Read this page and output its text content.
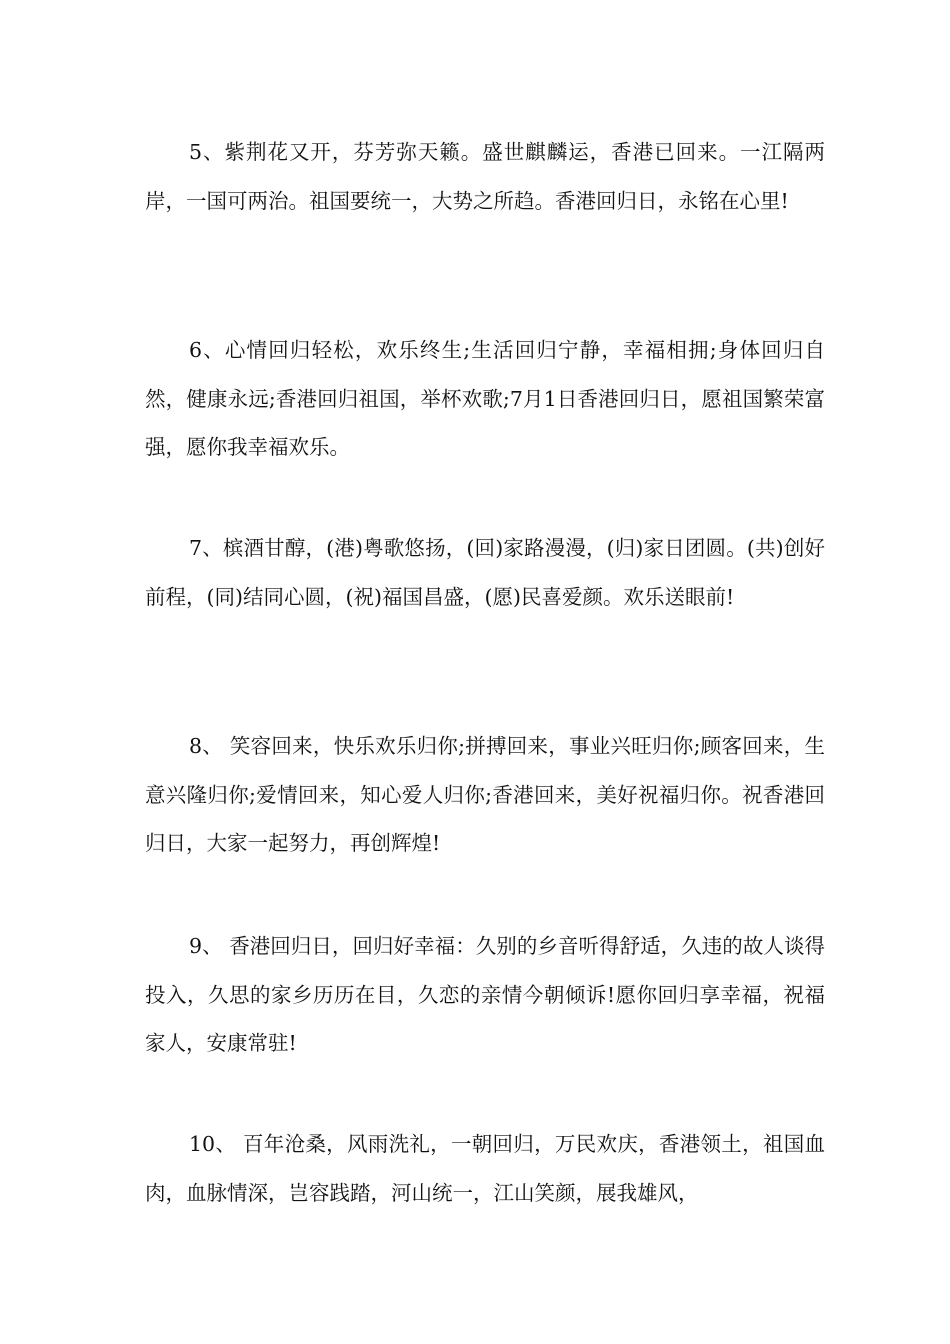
5、紫荆花又开，芬芳弥天籁。盛世麒麟运，香港已回来。一江隔两岸，一国可两治。祖国要统一，大势之所趋。香港回归日，永铭在心里!

6、心情回归轻松，欢乐终生;生活回归宁静，幸福相拥;身体回归自然，健康永远;香港回归祖国，举杯欢歌;7月1日香港回归日，愿祖国繁荣富强，愿你我幸福欢乐。

7、槟酒甘醇，(港)粤歌悠扬，(回)家路漫漫，(归)家日团圆。(共)创好前程，(同)结同心圆，(祝)福国昌盛，(愿)民喜爱颜。欢乐送眼前!

8、 笑容回来，快乐欢乐归你;拼搏回来，事业兴旺归你;顾客回来，生意兴隆归你;爱情回来，知心爱人归你;香港回来，美好祝福归你。祝香港回归日，大家一起努力，再创辉煌!

9、 香港回归日，回归好幸福：久别的乡音听得舒适，久违的故人谈得投入，久思的家乡历历在目，久恋的亲情今朝倾诉!愿你回归享幸福，祝福家人，安康常驻!

10、 百年沧桑，风雨洗礼，一朝回归，万民欢庆，香港领土，祖国血肉，血脉情深，岂容践踏，河山统一，江山笑颜，展我雄风，
